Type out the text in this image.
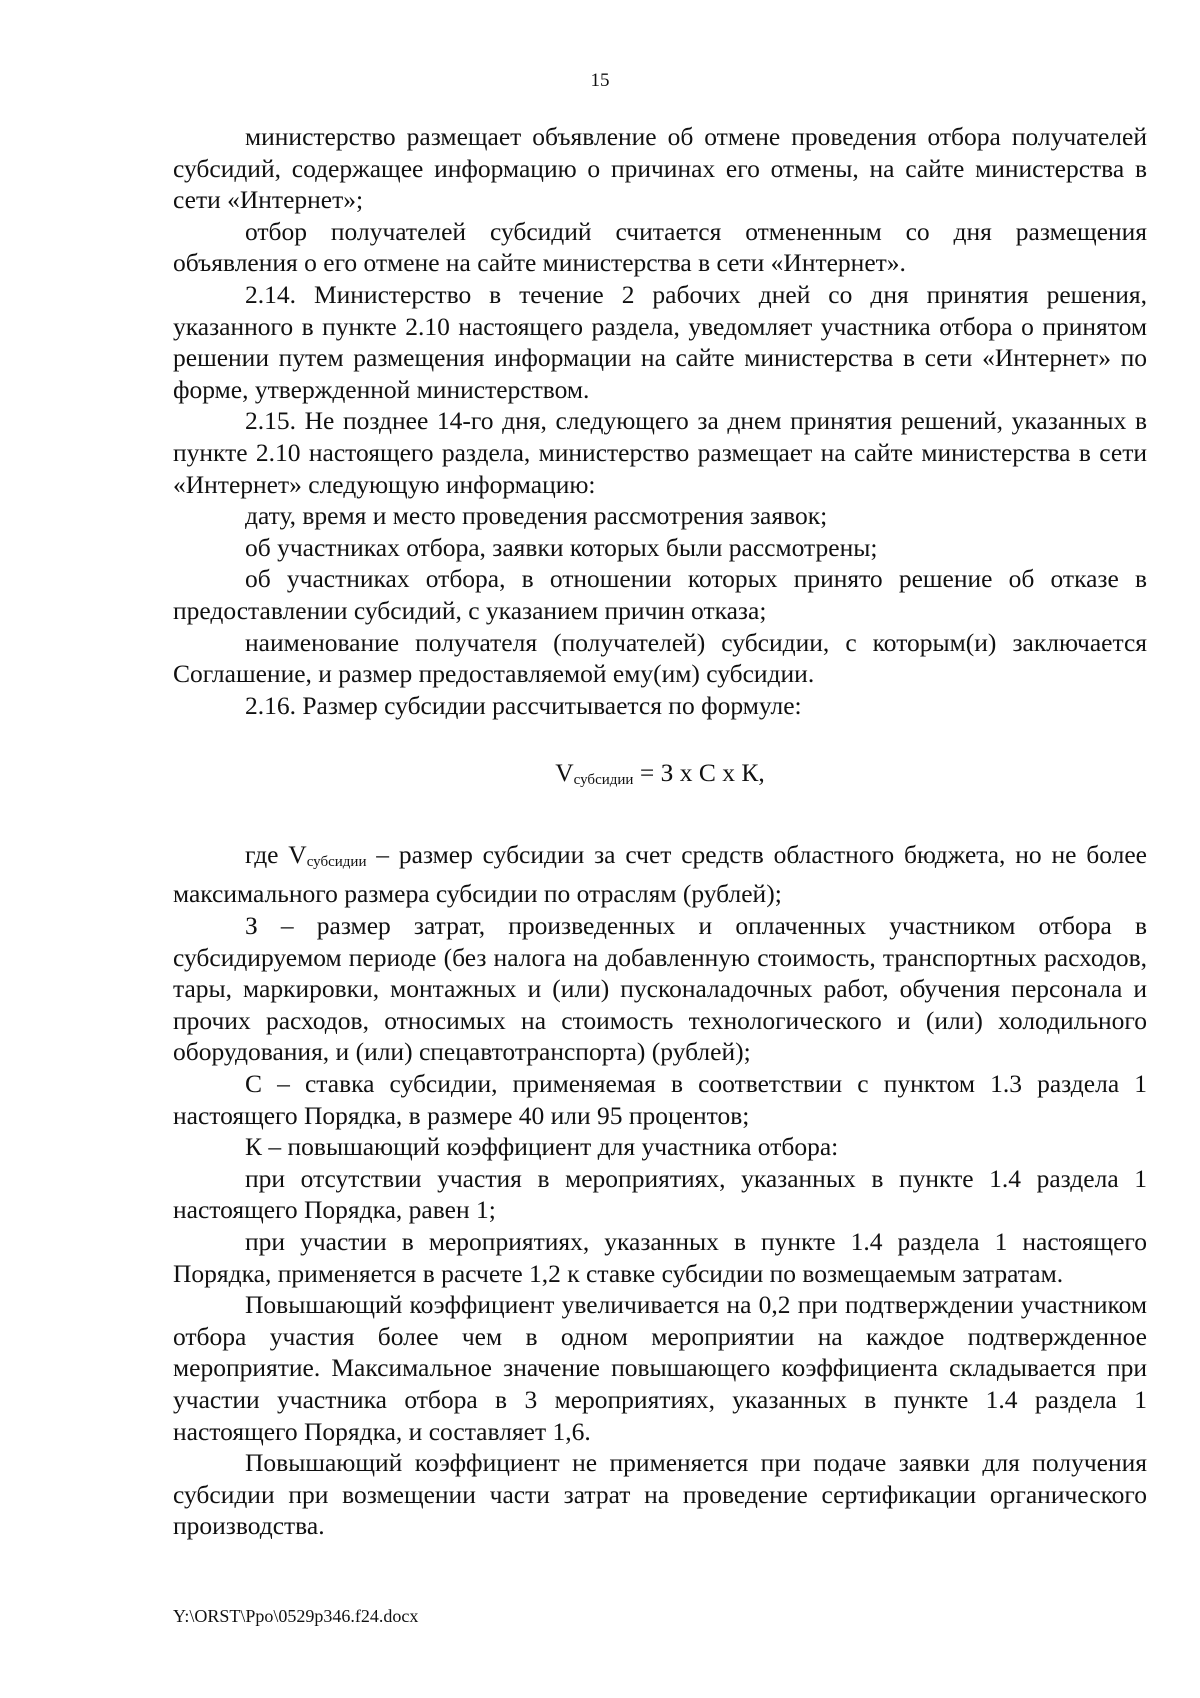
15

министерство размещает объявление об отмене проведения отбора получателей субсидий, содержащее информацию о причинах его отмены, на сайте министерства в сети «Интернет»;

отбор получателей субсидий считается отмененным со дня размещения объявления о его отмене на сайте министерства в сети «Интернет».

2.14. Министерство в течение 2 рабочих дней со дня принятия решения, указанного в пункте 2.10 настоящего раздела, уведомляет участника отбора о принятом решении путем размещения информации на сайте министерства в сети «Интернет» по форме, утвержденной министерством.

2.15. Не позднее 14-го дня, следующего за днем принятия решений, указанных в пункте 2.10 настоящего раздела, министерство размещает на сайте министерства в сети «Интернет» следующую информацию:

дату, время и место проведения рассмотрения заявок;

об участниках отбора, заявки которых были рассмотрены;

об участниках отбора, в отношении которых принято решение об отказе в предоставлении субсидий, с указанием причин отказа;

наименование получателя (получателей) субсидии, с которым(и) заключается Соглашение, и размер предоставляемой ему(им) субсидии.

2.16. Размер субсидии рассчитывается по формуле:

$V_{субсидии} = З$ х С х К,

где $V_{субсидии}$ – размер субсидии за счет средств областного бюджета, но не более максимального размера субсидии по отраслям (рублей);

З – размер затрат, произведенных и оплаченных участником отбора в субсидируемом периоде (без налога на добавленную стоимость, транспортных расходов, тары, маркировки, монтажных и (или) пусконаладочных работ, обучения персонала и прочих расходов, относимых на стоимость технологического и (или) холодильного оборудования, и (или) спецавтотранспорта) (рублей);

С – ставка субсидии, применяемая в соответствии с пунктом 1.3 раздела 1 настоящего Порядка, в размере 40 или 95 процентов;

К – повышающий коэффициент для участника отбора:

при отсутствии участия в мероприятиях, указанных в пункте 1.4 раздела 1 настоящего Порядка, равен 1;

при участии в мероприятиях, указанных в пункте 1.4 раздела 1 настоящего Порядка, применяется в расчете 1,2 к ставке субсидии по возмещаемым затратам.

Повышающий коэффициент увеличивается на 0,2 при подтверждении участником отбора участия более чем в одном мероприятии на каждое подтвержденное мероприятие. Максимальное значение повышающего коэффициента складывается при участии участника отбора в 3 мероприятиях, указанных в пункте 1.4 раздела 1 настоящего Порядка, и составляет 1,6.

Повышающий коэффициент не применяется при подаче заявки для получения субсидии при возмещении части затрат на проведение сертификации органического производства.

Y:\ORST\Ppo\0529p346.f24.docx
